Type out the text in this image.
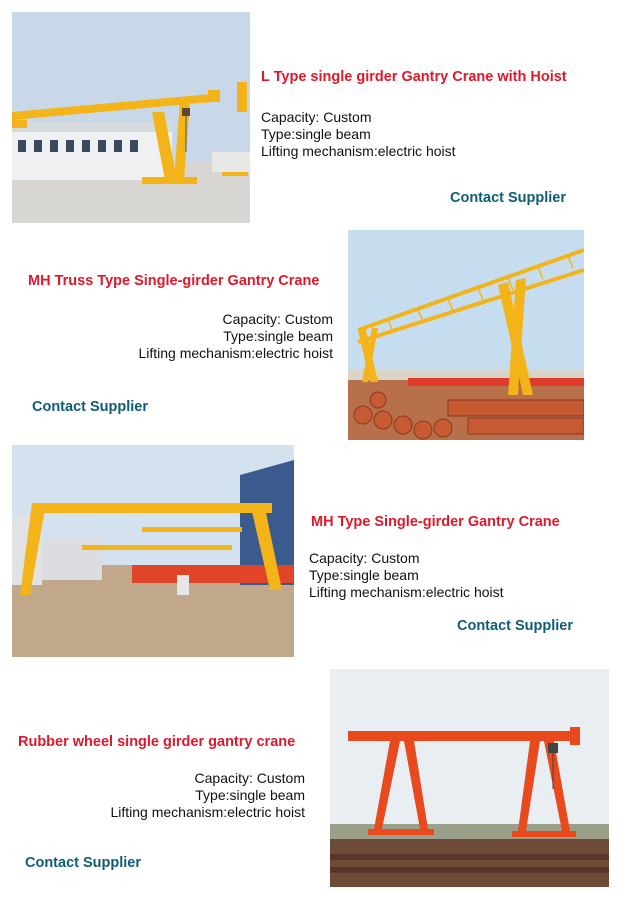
L Type single girder Gantry Crane with Hoist
Capacity: Custom
Type:single beam
Lifting mechanism:electric hoist
Contact Supplier
MH Truss Type Single-girder Gantry Crane
Capacity: Custom
Type:single beam
Lifting mechanism:electric hoist
Contact Supplier
MH Type Single-girder Gantry Crane
Capacity: Custom
Type:single beam
Lifting mechanism:electric hoist
Contact Supplier
Rubber wheel single girder gantry crane
Capacity: Custom
Type:single beam
Lifting mechanism:electric hoist
Contact Supplier
